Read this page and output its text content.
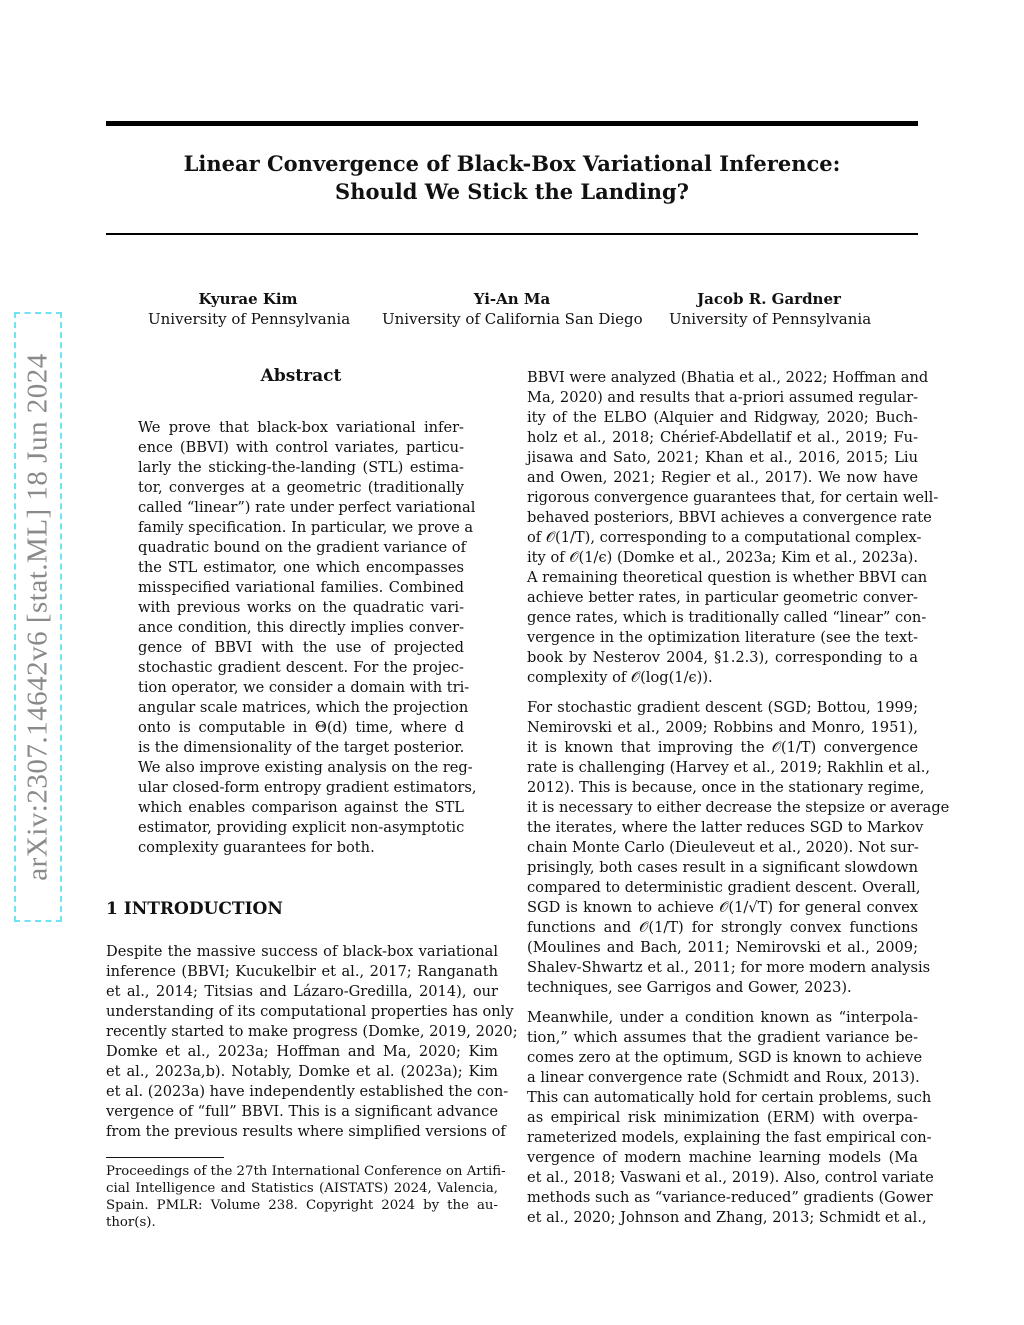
Linear Convergence of Black-Box Variational Inference:
Should We Stick the Landing?
arXiv:2307.14642v6 [stat.ML] 18 Jun 2024
Kyurae Kim
University of Pennsylvania
Yi-An Ma
University of California San Diego
Jacob R. Gardner
University of Pennsylvania
Abstract
We prove that black-box variational infer-
ence (BBVI) with control variates, particu-
larly the sticking-the-landing (STL) estima-
tor, converges at a geometric (traditionally
called “linear”) rate under perfect variational
family specification. In particular, we prove a
quadratic bound on the gradient variance of
the STL estimator, one which encompasses
misspecified variational families. Combined
with previous works on the quadratic vari-
ance condition, this directly implies conver-
gence of BBVI with the use of projected
stochastic gradient descent. For the projec-
tion operator, we consider a domain with tri-
angular scale matrices, which the projection
onto is computable in Θ(d) time, where d
is the dimensionality of the target posterior.
We also improve existing analysis on the reg-
ular closed-form entropy gradient estimators,
which enables comparison against the STL
estimator, providing explicit non-asymptotic
complexity guarantees for both.
1 INTRODUCTION
Despite the massive success of black-box variational
inference (BBVI; Kucukelbir et al., 2017; Ranganath
et al., 2014; Titsias and Lázaro-Gredilla, 2014), our
understanding of its computational properties has only
recently started to make progress (Domke, 2019, 2020;
Domke et al., 2023a; Hoffman and Ma, 2020; Kim
et al., 2023a,b). Notably, Domke et al. (2023a); Kim
et al. (2023a) have independently established the con-
vergence of “full” BBVI. This is a significant advance
from the previous results where simplified versions of
Proceedings of the 27th International Conference on Artifi-
cial Intelligence and Statistics (AISTATS) 2024, Valencia,
Spain. PMLR: Volume 238. Copyright 2024 by the au-
thor(s).
BBVI were analyzed (Bhatia et al., 2022; Hoffman and
Ma, 2020) and results that a-priori assumed regular-
ity of the ELBO (Alquier and Ridgway, 2020; Buch-
holz et al., 2018; Chérief-Abdellatif et al., 2019; Fu-
jisawa and Sato, 2021; Khan et al., 2016, 2015; Liu
and Owen, 2021; Regier et al., 2017). We now have
rigorous convergence guarantees that, for certain well-
behaved posteriors, BBVI achieves a convergence rate
of 𝒪(1/T), corresponding to a computational complex-
ity of 𝒪(1/ϵ) (Domke et al., 2023a; Kim et al., 2023a).
A remaining theoretical question is whether BBVI can
achieve better rates, in particular geometric conver-
gence rates, which is traditionally called “linear” con-
vergence in the optimization literature (see the text-
book by Nesterov 2004, §1.2.3), corresponding to a
complexity of 𝒪(log(1/ϵ)).
For stochastic gradient descent (SGD; Bottou, 1999;
Nemirovski et al., 2009; Robbins and Monro, 1951),
it is known that improving the 𝒪(1/T) convergence
rate is challenging (Harvey et al., 2019; Rakhlin et al.,
2012). This is because, once in the stationary regime,
it is necessary to either decrease the stepsize or average
the iterates, where the latter reduces SGD to Markov
chain Monte Carlo (Dieuleveut et al., 2020). Not sur-
prisingly, both cases result in a significant slowdown
compared to deterministic gradient descent. Overall,
SGD is known to achieve 𝒪(1/√T) for general convex
functions and 𝒪(1/T) for strongly convex functions
(Moulines and Bach, 2011; Nemirovski et al., 2009;
Shalev-Shwartz et al., 2011; for more modern analysis
techniques, see Garrigos and Gower, 2023).
Meanwhile, under a condition known as “interpola-
tion,” which assumes that the gradient variance be-
comes zero at the optimum, SGD is known to achieve
a linear convergence rate (Schmidt and Roux, 2013).
This can automatically hold for certain problems, such
as empirical risk minimization (ERM) with overpa-
rameterized models, explaining the fast empirical con-
vergence of modern machine learning models (Ma
et al., 2018; Vaswani et al., 2019). Also, control variate
methods such as “variance-reduced” gradients (Gower
et al., 2020; Johnson and Zhang, 2013; Schmidt et al.,
